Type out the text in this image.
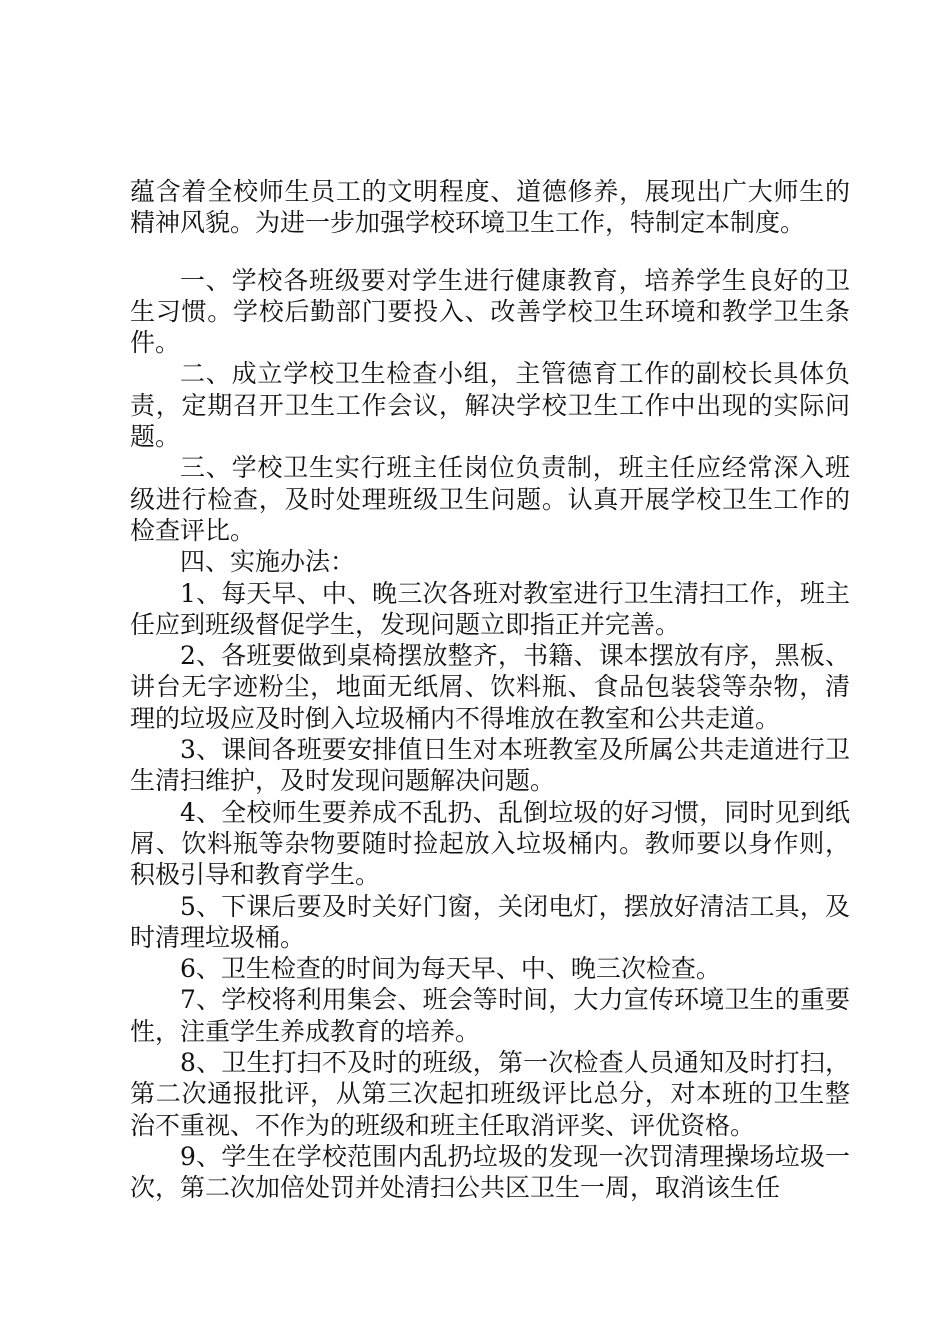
蕴含着全校师生员工的文明程度、道德修养，展现出广大师生的精神风貌。为进一步加强学校环境卫生工作，特制定本制度。

一、学校各班级要对学生进行健康教育，培养学生良好的卫生习惯。学校后勤部门要投入、改善学校卫生环境和教学卫生条件。

二、成立学校卫生检查小组，主管德育工作的副校长具体负责，定期召开卫生工作会议，解决学校卫生工作中出现的实际问题。

三、学校卫生实行班主任岗位负责制，班主任应经常深入班级进行检查，及时处理班级卫生问题。认真开展学校卫生工作的检查评比。

四、实施办法：

1、每天早、中、晚三次各班对教室进行卫生清扫工作，班主任应到班级督促学生，发现问题立即指正并完善。

2、各班要做到桌椅摆放整齐，书籍、课本摆放有序，黑板、讲台无字迹粉尘，地面无纸屑、饮料瓶、食品包装袋等杂物，清理的垃圾应及时倒入垃圾桶内不得堆放在教室和公共走道。

3、课间各班要安排值日生对本班教室及所属公共走道进行卫生清扫维护，及时发现问题解决问题。

4、全校师生要养成不乱扔、乱倒垃圾的好习惯，同时见到纸屑、饮料瓶等杂物要随时捡起放入垃圾桶内。教师要以身作则，积极引导和教育学生。

5、下课后要及时关好门窗，关闭电灯，摆放好清洁工具，及时清理垃圾桶。

6、卫生检查的时间为每天早、中、晚三次检查。

7、学校将利用集会、班会等时间，大力宣传环境卫生的重要性，注重学生养成教育的培养。

8、卫生打扫不及时的班级，第一次检查人员通知及时打扫，第二次通报批评，从第三次起扣班级评比总分，对本班的卫生整治不重视、不作为的班级和班主任取消评奖、评优资格。

9、学生在学校范围内乱扔垃圾的发现一次罚清理操场垃圾一次，第二次加倍处罚并处清扫公共区卫生一周，取消该生任
